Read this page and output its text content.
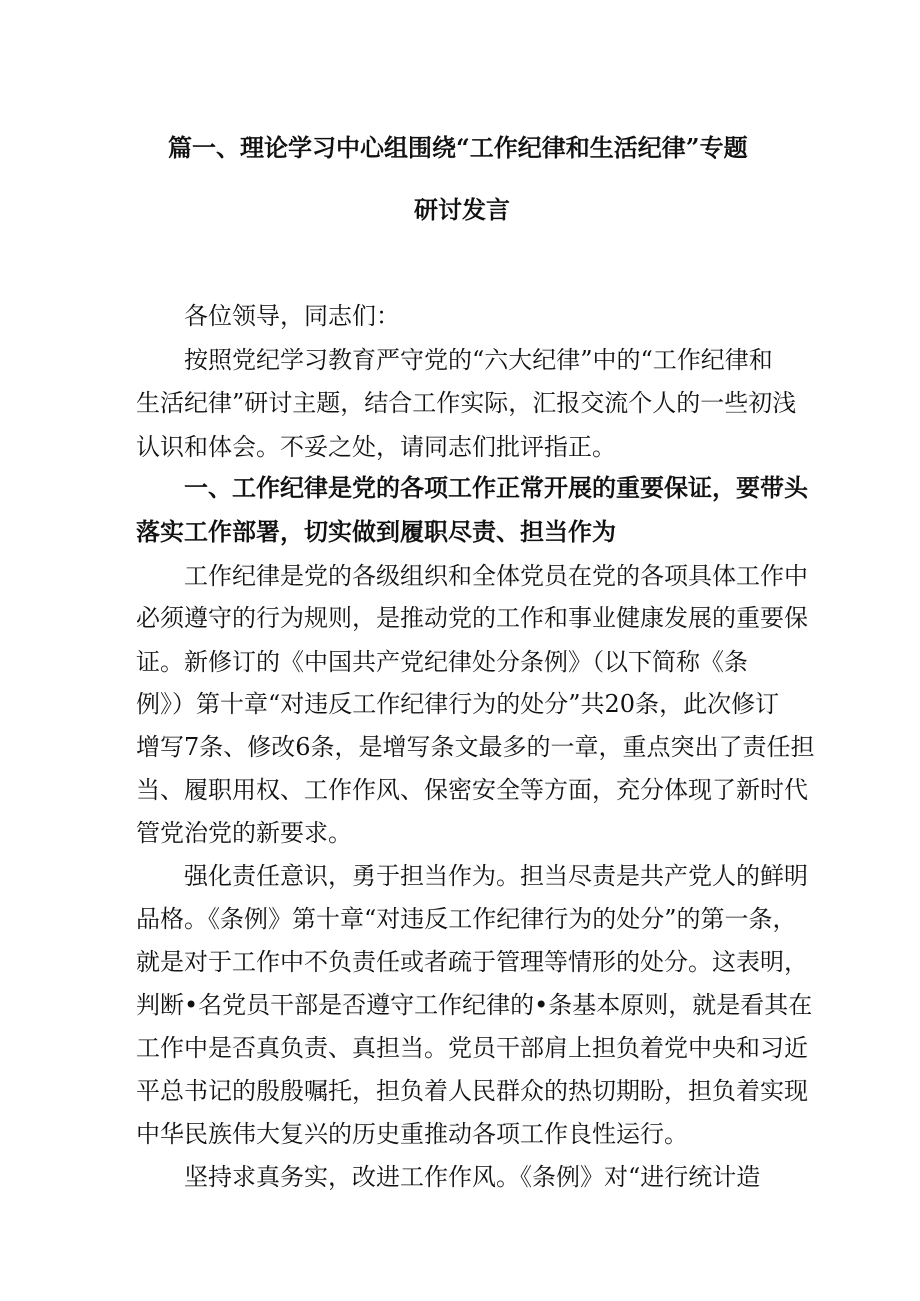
篇一、理论学习中心组围绕“工作纪律和生活纪律”专题
研讨发言
各位领导，同志们：
按照党纪学习教育严守党的“六大纪律”中的“工作纪律和
生活纪律”研讨主题，结合工作实际，汇报交流个人的一些初浅
认识和体会。不妥之处，请同志们批评指正。
一、工作纪律是党的各项工作正常开展的重要保证，要带头
落实工作部署，切实做到履职尽责、担当作为
工作纪律是党的各级组织和全体党员在党的各项具体工作中
必须遵守的行为规则，是推动党的工作和事业健康发展的重要保
证。新修订的《中国共产党纪律处分条例》（以下简称《条
例》）第十章“对违反工作纪律行为的处分”共20条，此次修订
增写7条、修改6条，是增写条文最多的一章，重点突出了责任担
当、履职用权、工作作风、保密安全等方面，充分体现了新时代
管党治党的新要求。
强化责任意识，勇于担当作为。担当尽责是共产党人的鲜明
品格。《条例》第十章“对违反工作纪律行为的处分”的第一条，
就是对于工作中不负责任或者疏于管理等情形的处分。这表明，
判断•名党员干部是否遵守工作纪律的•条基本原则，就是看其在
工作中是否真负责、真担当。党员干部肩上担负着党中央和习近
平总书记的殷殷嘱托，担负着人民群众的热切期盼，担负着实现
中华民族伟大复兴的历史重推动各项工作良性运行。
坚持求真务实，改进工作作风。《条例》对“进行统计造
